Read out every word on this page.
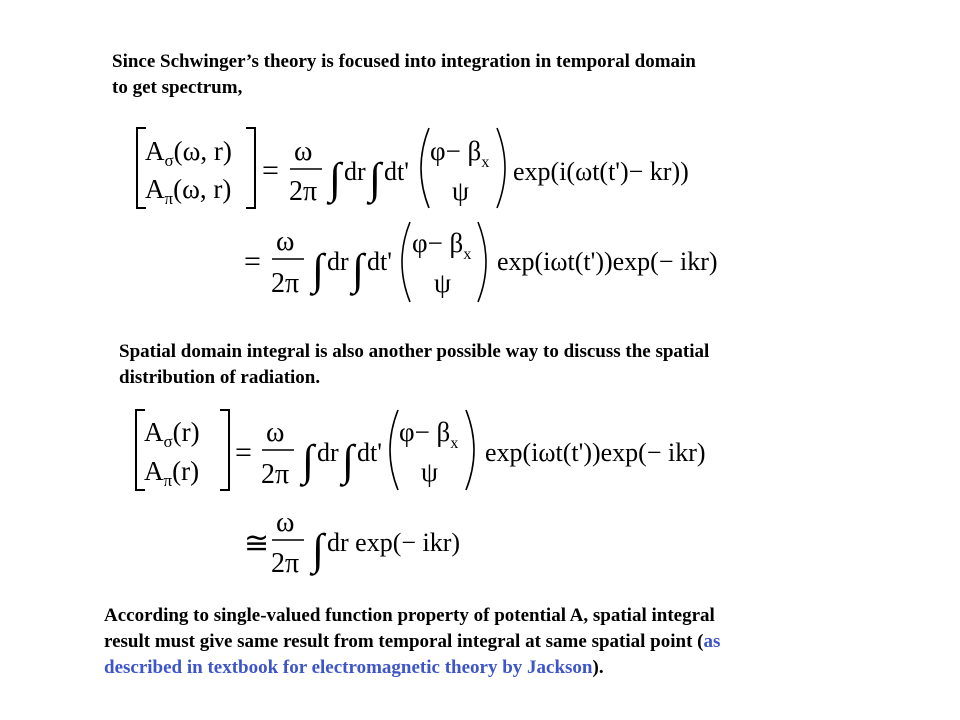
Since Schwinger’s theory is focused into integration in temporal domain
to get spectrum,
$A_\sigma(\omega$, r)
$A_\pi(\omega$, r)
=
ω
2π ∫ dr ∫ dt'
$\varphi- \beta_x$
ψ
exp(i(ωt(t')− kr))
=
ω
2π ∫ dr ∫ dt'
$\varphi- \beta_x$
ψ
exp(iωt(t'))exp(− ikr)
$A_\sigma(r)$
$A_\pi(r)$
=
ω
2π ∫ dr ∫ dt'
$\varphi- \beta_x$
ψ
exp(iωt(t'))exp(− ikr)
≅
ω
2π ∫ dr exp(− ikr)
Spatial domain integral is also another possible way to discuss the spatial
distribution of radiation.
According to single-valued function property of potential A, spatial integral
result must give same result from temporal integral at same spatial point (as
described in textbook for electromagnetic theory by Jackson).
